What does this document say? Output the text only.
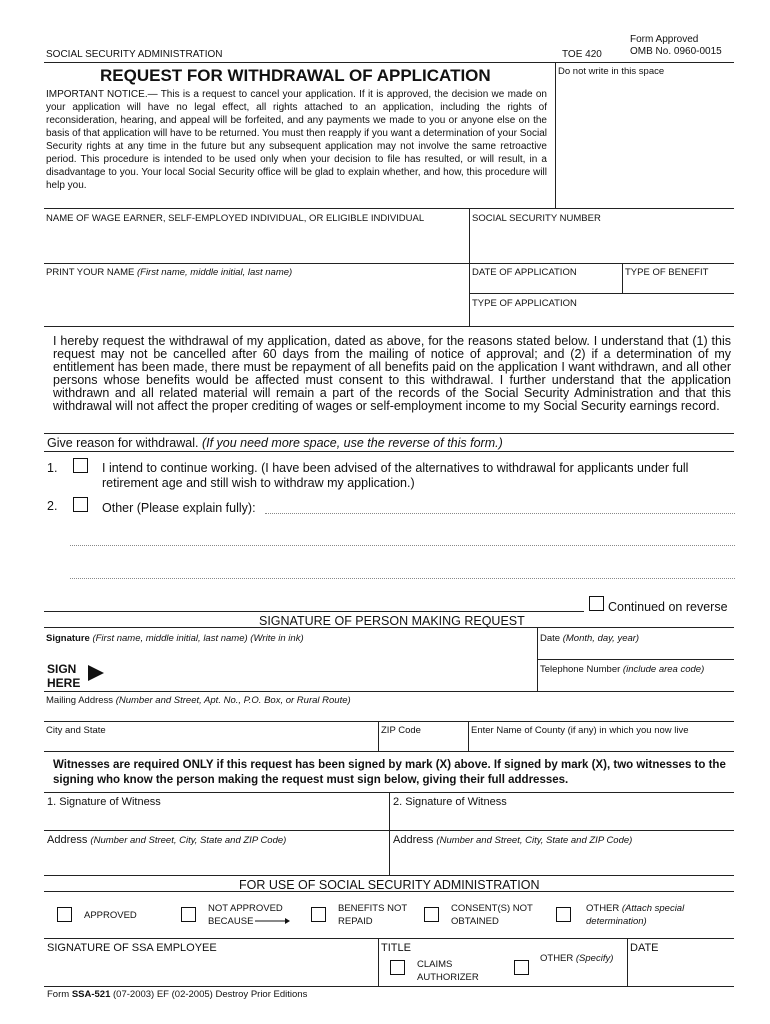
SOCIAL SECURITY ADMINISTRATION	TOE 420
Form Approved
OMB No. 0960-0015
REQUEST FOR WITHDRAWAL OF APPLICATION	Do not write in this space
IMPORTANT NOTICE.— This is a request to cancel your application. If it is approved, the decision we made on your application will have no legal effect, all rights attached to an application, including the rights of reconsideration, hearing, and appeal will be forfeited, and any payments we made to you or anyone else on the basis of that application will have to be returned. You must then reapply if you want a determination of your Social Security rights at any time in the future but any subsequent application may not involve the same retroactive period. This procedure is intended to be used only when your decision to file has resulted, or will result, in a disadvantage to you. Your local Social Security office will be glad to explain whether, and how, this procedure will help you.
NAME OF WAGE EARNER, SELF-EMPLOYED INDIVIDUAL, OR ELIGIBLE INDIVIDUAL	SOCIAL SECURITY NUMBER
PRINT YOUR NAME (First name, middle initial, last name)	DATE OF APPLICATION	TYPE OF BENEFIT
TYPE OF APPLICATION
I hereby request the withdrawal of my application, dated as above, for the reasons stated below. I understand that (1) this request may not be cancelled after 60 days from the mailing of notice of approval; and (2) if a determination of my entitlement has been made, there must be repayment of all benefits paid on the application I want withdrawn, and all other persons whose benefits would be affected must consent to this withdrawal. I further understand that the application withdrawn and all related material will remain a part of the records of the Social Security Administration and that this withdrawal will not affect the proper crediting of wages or self-employment income to my Social Security earnings record.
Give reason for withdrawal. (If you need more space, use the reverse of this form.)
1.	I intend to continue working. (I have been advised of the alternatives to withdrawal for applicants under full retirement age and still wish to withdraw my application.)
2.	Other (Please explain fully):
Continued on reverse
SIGNATURE OF PERSON MAKING REQUEST
Signature (First name, middle initial, last name) (Write in ink)	Date (Month, day, year)
SIGN
HERE
Telephone Number (include area code)
Mailing Address (Number and Street, Apt. No., P.O. Box, or Rural Route)
City and State	ZIP Code	Enter Name of County (if any) in which you now live
Witnesses are required ONLY if this request has been signed by mark (X) above. If signed by mark (X), two witnesses to the signing who know the person making the request must sign below, giving their full addresses.
1. Signature of Witness	2. Signature of Witness
Address (Number and Street, City, State and ZIP Code)	Address (Number and Street, City, State and ZIP Code)
FOR USE OF SOCIAL SECURITY ADMINISTRATION
APPROVED
NOT APPROVED
BECAUSE
BENEFITS NOT
REPAID
CONSENT(S) NOT
OBTAINED
OTHER (Attach special
determination)
SIGNATURE OF SSA EMPLOYEE	TITLE
CLAIMS
AUTHORIZER
OTHER (Specify)
DATE
Form SSA-521 (07-2003) EF (02-2005) Destroy Prior Editions
